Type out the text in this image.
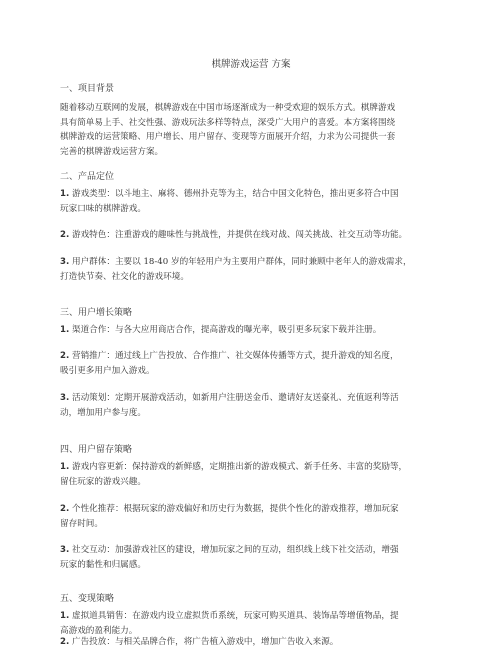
棋牌游戏运营 方案
一、项目背景
随着移动互联网的发展，棋牌游戏在中国市场逐渐成为一种受欢迎的娱乐方式。棋牌游戏
具有简单易上手、社交性强、游戏玩法多样等特点，深受广大用户的喜爱。本方案将围绕
棋牌游戏的运营策略、用户增长、用户留存、变现等方面展开介绍，力求为公司提供一套
完善的棋牌游戏运营方案。
二、产品定位
1. 游戏类型：以斗地主、麻将、德州扑克等为主，结合中国文化特色，推出更多符合中国
玩家口味的棋牌游戏。
2. 游戏特色：注重游戏的趣味性与挑战性，并提供在线对战、闯关挑战、社交互动等功能。
3. 用户群体：主要以 18-40 岁的年轻用户为主要用户群体，同时兼顾中老年人的游戏需求，
打造快节奏、社交化的游戏环境。
三、用户增长策略
1. 渠道合作：与各大应用商店合作，提高游戏的曝光率，吸引更多玩家下载并注册。
2. 营销推广：通过线上广告投放、合作推广、社交媒体传播等方式，提升游戏的知名度，
吸引更多用户加入游戏。
3. 活动策划：定期开展游戏活动，如新用户注册送金币、邀请好友送豪礼、充值返利等活
动，增加用户参与度。
四、用户留存策略
1. 游戏内容更新：保持游戏的新鲜感，定期推出新的游戏模式、新手任务、丰富的奖励等，
留住玩家的游戏兴趣。
2. 个性化推荐：根据玩家的游戏偏好和历史行为数据，提供个性化的游戏推荐，增加玩家
留存时间。
3. 社交互动：加强游戏社区的建设，增加玩家之间的互动，组织线上线下社交活动，增强
玩家的黏性和归属感。
五、变现策略
1. 虚拟道具销售：在游戏内设立虚拟货币系统，玩家可购买道具、装饰品等增值物品，提
高游戏的盈利能力。
2. 广告投放：与相关品牌合作，将广告植入游戏中，增加广告收入来源。
